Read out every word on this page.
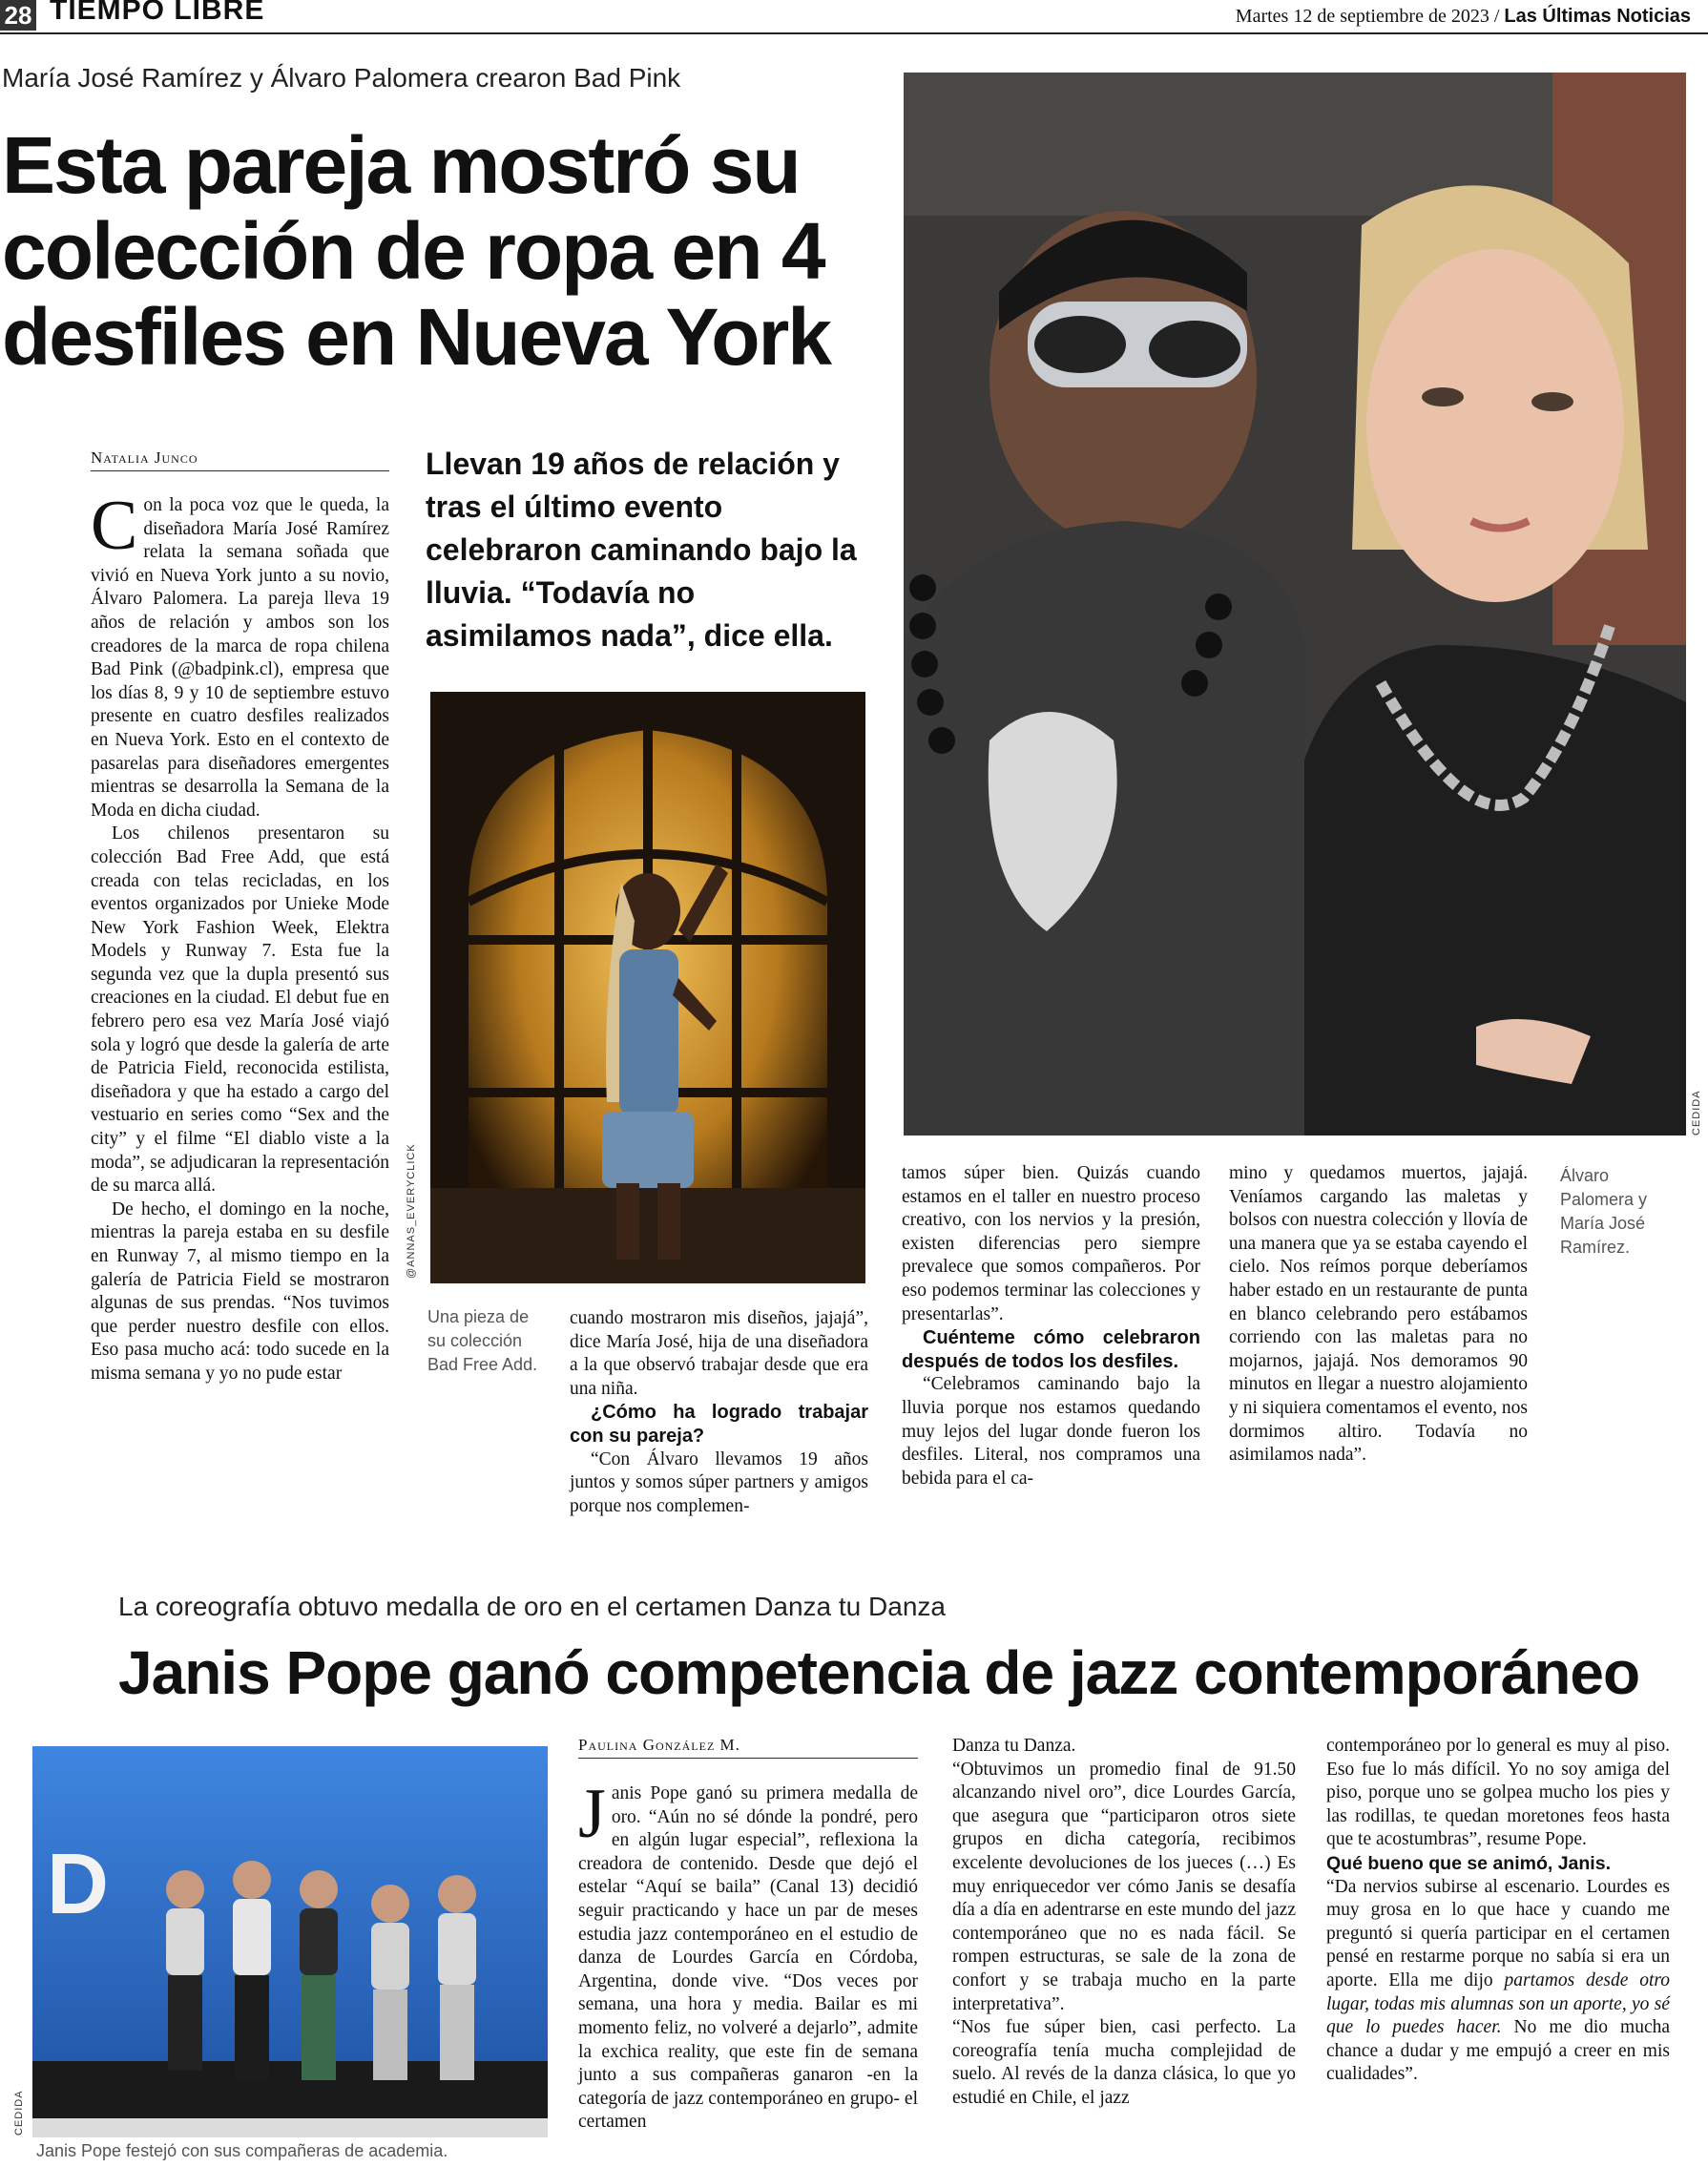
28 TIEMPO LIBRE	Martes 12 de septiembre de 2023 / Las Últimas Noticias
María José Ramírez y Álvaro Palomera crearon Bad Pink
Esta pareja mostró su
colección de ropa en 4
desfiles en Nueva York
Natalia Junco	Llevan 19 años de relación y
tras el último evento
celebraron caminando bajo la
lluvia. “Todavía no
asimilamos nada”, dice ella.

Con la poca voz que le queda, la diseñadora María José Ramírez relata la semana soñada que vivió en Nueva York junto a su novio, Álvaro Palomera. La pareja lleva 19 años de relación y ambos son los creadores de la marca de ropa chilena Bad Pink (@badpink.cl), empresa que los días 8, 9 y 10 de septiembre estuvo presente en cuatro desfiles realizados en Nueva York. Esto en el contexto de pasarelas para diseñadores emergentes mientras se desarrolla la Semana de la Moda en dicha ciudad.

Los chilenos presentaron su colección Bad Free Add, que está creada con telas recicladas, en los eventos organizados por Unieke Mode New York Fashion Week, Elektra Models y Runway 7. Esta fue la segunda vez que la dupla presentó sus creaciones en la ciudad. El debut fue en febrero pero esa vez María José viajó sola y logró que desde la galería de arte de Patricia Field, reconocida estilista, diseñadora y que ha estado a cargo del vestuario en series como “Sex and the city” y el filme “El diablo viste a la moda”, se adjudicaran la representación de su marca allá.

De hecho, el domingo en la noche, mientras la pareja estaba en su desfile en Runway 7, al mismo tiempo en la galería de Patricia Field se mostraron algunas de sus prendas. “Nos tuvimos que perder nuestro desfile con ellos. Eso pasa mucho acá: todo sucede en la misma semana y yo no pude estar

@ANNAS_EVERYCLICK
Una pieza de su colección Bad Free Add.

cuando mostraron mis diseños, jajajá”, dice María José, hija de una diseñadora a la que observó trabajar desde que era una niña.

¿Cómo ha logrado trabajar con su pareja?

“Con Álvaro llevamos 19 años juntos y somos súper partners y amigos porque nos complemen-

CEDIDA

tamos súper bien. Quizás cuando estamos en el taller en nuestro proceso creativo, con los nervios y la presión, existen diferencias pero siempre prevalece que somos compañeros. Por eso podemos terminar las colecciones y presentarlas”.

Cuénteme cómo celebraron después de todos los desfiles.

“Celebramos caminando bajo la lluvia porque nos estamos quedando muy lejos del lugar donde fueron los desfiles. Literal, nos compramos una bebida para el ca-

mino y quedamos muertos, jajajá. Veníamos cargando las maletas y bolsos con nuestra colección y llovía de una manera que ya se estaba cayendo el cielo. Nos reímos porque deberíamos haber estado en un restaurante de punta en blanco celebrando pero estábamos corriendo con las maletas para no mojarnos, jajajá. Nos demoramos 90 minutos en llegar a nuestro alojamiento y ni siquiera comentamos el evento, nos dormimos altiro. Todavía no asimilamos nada”.

Álvaro Palomera y María José Ramírez.
La coreografía obtuvo medalla de oro en el certamen Danza tu Danza
Janis Pope ganó competencia de jazz contemporáneo
D
CEDIDA
Janis Pope festejó con sus compañeras de academia.
Paulina González M.

Janis Pope ganó su primera medalla de oro. “Aún no sé dónde la pondré, pero en algún lugar especial”, reflexiona la creadora de contenido. Desde que dejó el estelar “Aquí se baila” (Canal 13) decidió seguir practicando y hace un par de meses estudia jazz contemporáneo en el estudio de danza de Lourdes García en Córdoba, Argentina, donde vive. “Dos veces por semana, una hora y media. Bailar es mi momento feliz, no volveré a dejarlo”, admite la exchica reality, que este fin de semana junto a sus compañeras ganaron -en la categoría de jazz contemporáneo en grupo- el certamen

Danza tu Danza.

“Obtuvimos un promedio final de 91.50 alcanzando nivel oro”, dice Lourdes García, que asegura que “participaron otros siete grupos en dicha categoría, recibimos excelente devoluciones de los jueces (…) Es muy enriquecedor ver cómo Janis se desafía día a día en adentrarse en este mundo del jazz contemporáneo que no es nada fácil. Se rompen estructuras, se sale de la zona de confort y se trabaja mucho en la parte interpretativa”.

“Nos fue súper bien, casi perfecto. La coreografía tenía mucha complejidad de suelo. Al revés de la danza clásica, lo que yo estudié en Chile, el jazz

contemporáneo por lo general es muy al piso. Eso fue lo más difícil. Yo no soy amiga del piso, porque uno se golpea mucho los pies y las rodillas, te quedan moretones feos hasta que te acostumbras”, resume Pope.

Qué bueno que se animó, Janis.

“Da nervios subirse al escenario. Lourdes es muy grosa en lo que hace y cuando me preguntó si quería participar en el certamen pensé en restarme porque no sabía si era un aporte. Ella me dijo partamos desde otro lugar, todas mis alumnas son un aporte, yo sé que lo puedes hacer. No me dio mucha chance a dudar y me empujó a creer en mis cualidades”.
